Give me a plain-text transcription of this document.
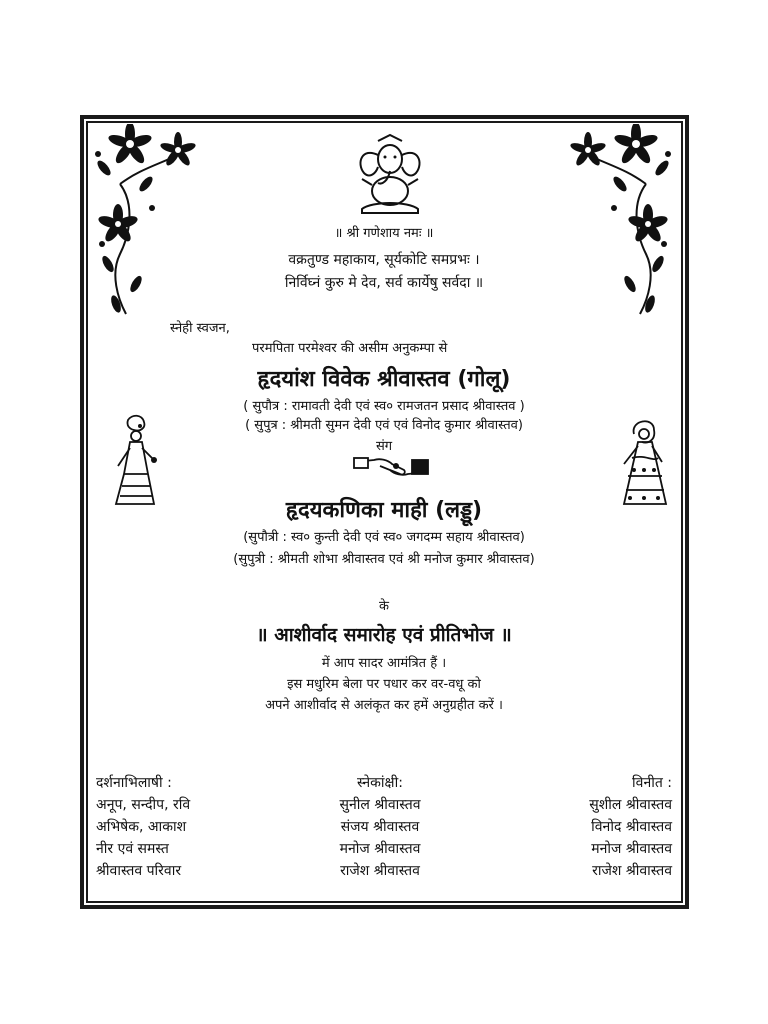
॥ श्री गणेशाय नमः ॥
वक्रतुण्ड महाकाय, सूर्यकोटि समप्रभः ।
निर्विघ्नं कुरु मे देव, सर्व कार्येषु सर्वदा ॥
स्नेही स्वजन,
परमपिता परमेश्वर की असीम अनुकम्पा से
हृदयांश विवेक श्रीवास्तव (गोलू)
( सुपौत्र : रामावती देवी एवं स्व० रामजतन प्रसाद श्रीवास्तव )
( सुपुत्र : श्रीमती सुमन देवी एवं एवं विनोद कुमार श्रीवास्तव)
संग
हृदयकणिका माही (लड्डू)
(सुपौत्री : स्व० कुन्ती देवी एवं स्व० जगदम्म सहाय श्रीवास्तव)
(सुपुत्री : श्रीमती शोभा श्रीवास्तव एवं श्री मनोज कुमार श्रीवास्तव)
के
॥ आशीर्वाद समारोह एवं प्रीतिभोज ॥
में आप सादर आमंत्रित हैं ।
इस मधुरिम बेला पर पधार कर वर-वधू को
अपने आशीर्वाद से अलंकृत कर हमें अनुग्रहीत करें ।
दर्शनाभिलाषी :
अनूप, सन्दीप, रवि
अभिषेक, आकाश
नीर एवं समस्त
श्रीवास्तव परिवार
स्नेकांक्षी:
सुनील श्रीवास्तव
संजय श्रीवास्तव
मनोज श्रीवास्तव
राजेश श्रीवास्तव
विनीत :
सुशील श्रीवास्तव
विनोद श्रीवास्तव
मनोज श्रीवास्तव
राजेश श्रीवास्तव
